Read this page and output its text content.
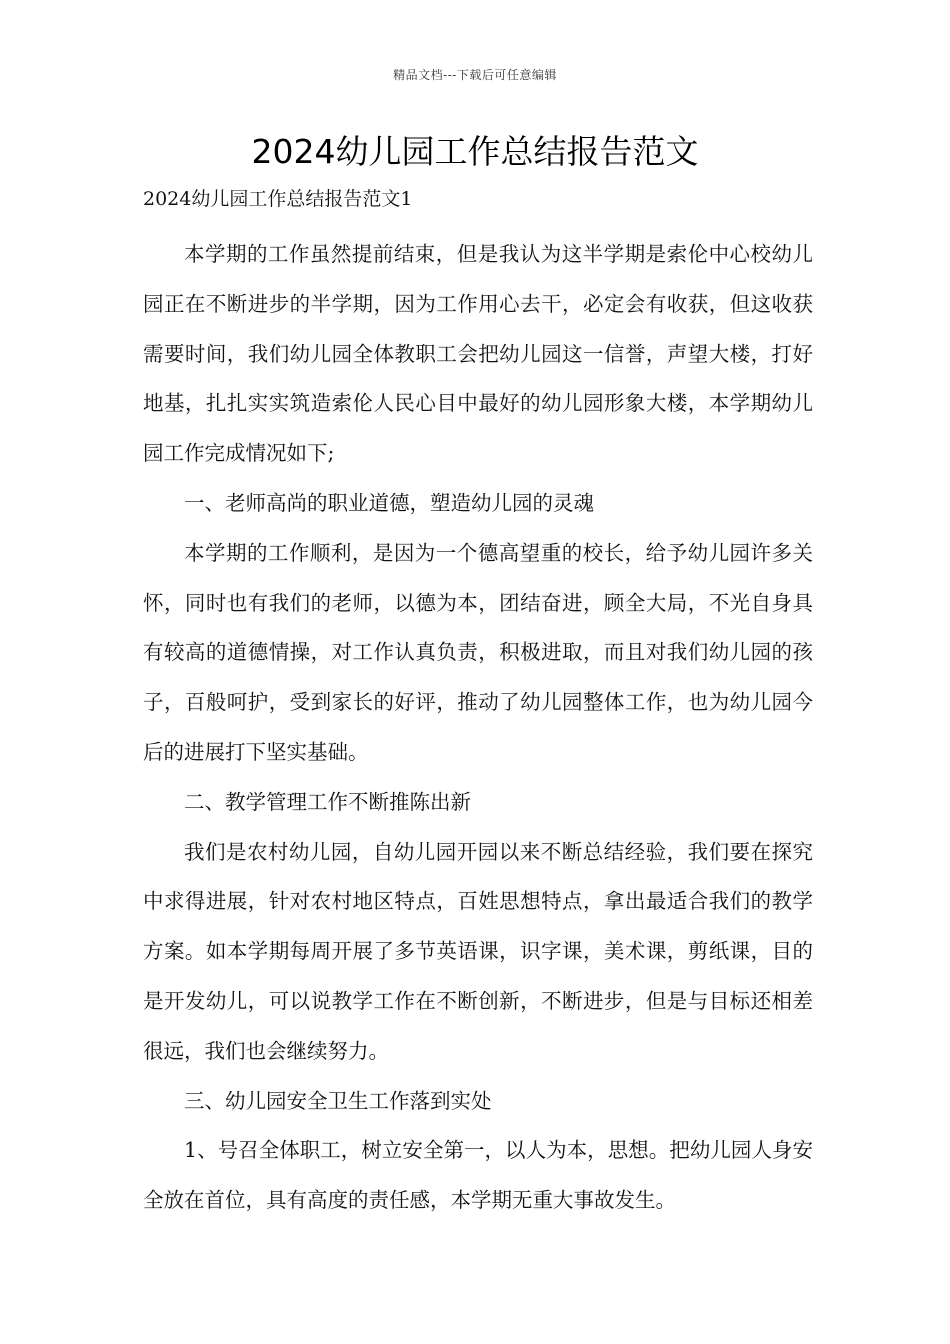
精品文档---下载后可任意编辑
2024幼儿园工作总结报告范文

2024幼儿园工作总结报告范文1

本学期的工作虽然提前结束，但是我认为这半学期是索伦中心校幼儿园正在不断进步的半学期，因为工作用心去干，必定会有收获，但这收获需要时间，我们幼儿园全体教职工会把幼儿园这一信誉，声望大楼，打好地基，扎扎实实筑造索伦人民心目中最好的幼儿园形象大楼，本学期幼儿园工作完成情况如下;

一、老师高尚的职业道德，塑造幼儿园的灵魂

本学期的工作顺利，是因为一个德高望重的校长，给予幼儿园许多关怀，同时也有我们的老师，以德为本，团结奋进，顾全大局，不光自身具有较高的道德情操，对工作认真负责，积极进取，而且对我们幼儿园的孩子，百般呵护，受到家长的好评，推动了幼儿园整体工作，也为幼儿园今后的进展打下坚实基础。

二、教学管理工作不断推陈出新

我们是农村幼儿园，自幼儿园开园以来不断总结经验，我们要在探究中求得进展，针对农村地区特点，百姓思想特点，拿出最适合我们的教学方案。如本学期每周开展了多节英语课，识字课，美术课，剪纸课，目的是开发幼儿，可以说教学工作在不断创新，不断进步，但是与目标还相差很远，我们也会继续努力。

三、幼儿园安全卫生工作落到实处

1、号召全体职工，树立安全第一，以人为本，思想。把幼儿园人身安全放在首位，具有高度的责任感，本学期无重大事故发生。
